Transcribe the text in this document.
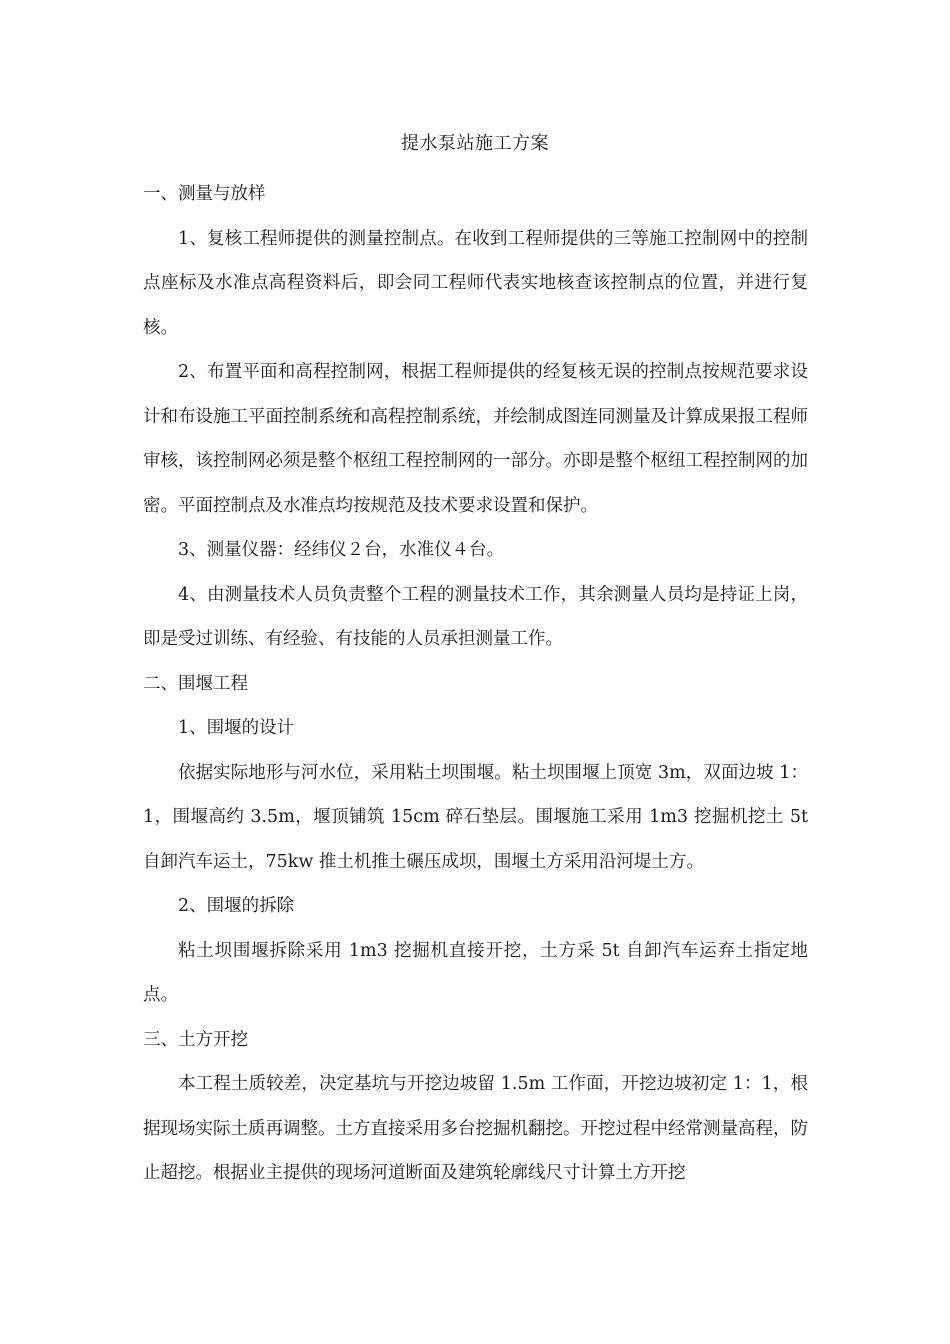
提水泵站施工方案

一、测量与放样

1、复核工程师提供的测量控制点。在收到工程师提供的三等施工控制网中的控制点座标及水准点高程资料后，即会同工程师代表实地核查该控制点的位置，并进行复核。

2、布置平面和高程控制网，根据工程师提供的经复核无误的控制点按规范要求设计和布设施工平面控制系统和高程控制系统，并绘制成图连同测量及计算成果报工程师审核，该控制网必须是整个枢纽工程控制网的一部分。亦即是整个枢纽工程控制网的加密。平面控制点及水准点均按规范及技术要求设置和保护。

3、测量仪器：经纬仪２台，水准仪４台。

4、由测量技术人员负责整个工程的测量技术工作，其余测量人员均是持证上岗，即是受过训练、有经验、有技能的人员承担测量工作。

二、围堰工程

1、围堰的设计

依据实际地形与河水位，采用粘土坝围堰。粘土坝围堰上顶宽 3m，双面边坡 1：1，围堰高约 3.5m，堰顶铺筑 15cm 碎石垫层。围堰施工采用 1m3 挖掘机挖土 5t 自卸汽车运土，75kw 推土机推土碾压成坝，围堰土方采用沿河堤土方。

2、围堰的拆除

粘土坝围堰拆除采用 1m3 挖掘机直接开挖，土方采 5t 自卸汽车运弃土指定地点。

三、土方开挖

本工程土质较差，决定基坑与开挖边坡留 1.5m 工作面，开挖边坡初定 1：1，根据现场实际土质再调整。土方直接采用多台挖掘机翻挖。开挖过程中经常测量高程，防止超挖。根据业主提供的现场河道断面及建筑轮廓线尺寸计算土方开挖
